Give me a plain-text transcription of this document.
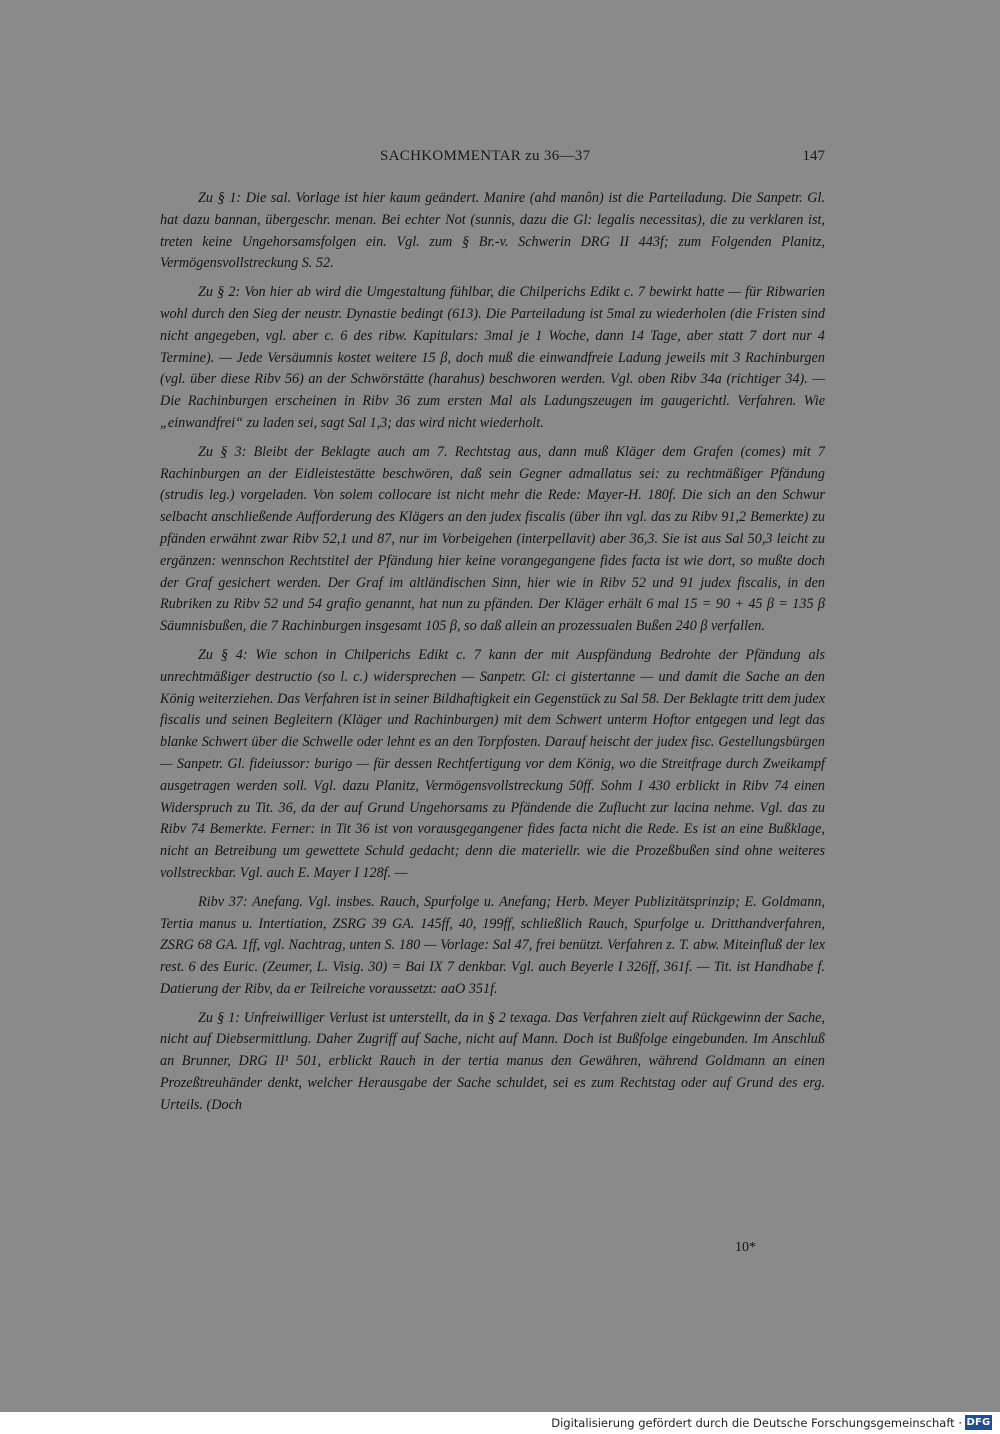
SACHKOMMENTAR zu 36—37	147

Zu § 1: Die sal. Vorlage ist hier kaum geändert. Manire (ahd manôn) ist die Parteiladung. Die Sanpetr. Gl. hat dazu bannan, übergeschr. menan. Bei echter Not (sunnis, dazu die Gl: legalis necessitas), die zu verklaren ist, treten keine Ungehorsamsfolgen ein. Vgl. zum § Br.-v. Schwerin DRG II 443f; zum Folgenden Planitz, Vermögensvollstreckung S. 52.

Zu § 2: Von hier ab wird die Umgestaltung fühlbar, die Chilperichs Edikt c. 7 bewirkt hatte — für Ribwarien wohl durch den Sieg der neustr. Dynastie bedingt (613). Die Parteiladung ist 5mal zu wiederholen (die Fristen sind nicht angegeben, vgl. aber c. 6 des ribw. Kapitulars: 3mal je 1 Woche, dann 14 Tage, aber statt 7 dort nur 4 Termine). — Jede Versäumnis kostet weitere 15 β, doch muß die einwandfreie Ladung jeweils mit 3 Rachinburgen (vgl. über diese Ribv 56) an der Schwörstätte (harahus) beschworen werden. Vgl. oben Ribv 34a (richtiger 34). — Die Rachinburgen erscheinen in Ribv 36 zum ersten Mal als Ladungszeugen im gaugerichtl. Verfahren. Wie „einwandfrei“ zu laden sei, sagt Sal 1,3; das wird nicht wiederholt.

Zu § 3: Bleibt der Beklagte auch am 7. Rechtstag aus, dann muß Kläger dem Grafen (comes) mit 7 Rachinburgen an der Eidleistestätte beschwören, daß sein Gegner admallatus sei: zu rechtmäßiger Pfändung (strudis leg.) vorgeladen. Von solem collocare ist nicht mehr die Rede: Mayer-H. 180f. Die sich an den Schwur selbacht anschließende Aufforderung des Klägers an den judex fiscalis (über ihn vgl. das zu Ribv 91,2 Bemerkte) zu pfänden erwähnt zwar Ribv 52,1 und 87, nur im Vorbeigehen (interpellavit) aber 36,3. Sie ist aus Sal 50,3 leicht zu ergänzen: wennschon Rechtstitel der Pfändung hier keine vorangegangene fides facta ist wie dort, so mußte doch der Graf gesichert werden. Der Graf im altländischen Sinn, hier wie in Ribv 52 und 91 judex fiscalis, in den Rubriken zu Ribv 52 und 54 grafio genannt, hat nun zu pfänden. Der Kläger erhält 6 mal 15 = 90 + 45 β = 135 β Säumnisbußen, die 7 Rachinburgen insgesamt 105 β, so daß allein an prozessualen Bußen 240 β verfallen.

Zu § 4: Wie schon in Chilperichs Edikt c. 7 kann der mit Auspfändung Bedrohte der Pfändung als unrechtmäßiger destructio (so l. c.) widersprechen — Sanpetr. Gl: ci gistertanne — und damit die Sache an den König weiterziehen. Das Verfahren ist in seiner Bildhaftigkeit ein Gegenstück zu Sal 58. Der Beklagte tritt dem judex fiscalis und seinen Begleitern (Kläger und Rachinburgen) mit dem Schwert unterm Hoftor entgegen und legt das blanke Schwert über die Schwelle oder lehnt es an den Torpfosten. Darauf heischt der judex fisc. Gestellungsbürgen — Sanpetr. Gl. fideiussor: burigo — für dessen Rechtfertigung vor dem König, wo die Streitfrage durch Zweikampf ausgetragen werden soll. Vgl. dazu Planitz, Vermögensvollstreckung 50ff. Sohm I 430 erblickt in Ribv 74 einen Widerspruch zu Tit. 36, da der auf Grund Ungehorsams zu Pfändende die Zuflucht zur lacina nehme. Vgl. das zu Ribv 74 Bemerkte. Ferner: in Tit 36 ist von vorausgegangener fides facta nicht die Rede. Es ist an eine Bußklage, nicht an Betreibung um gewettete Schuld gedacht; denn die materiellr. wie die Prozeßbußen sind ohne weiteres vollstreckbar. Vgl. auch E. Mayer I 128f. —

Ribv 37: Anefang. Vgl. insbes. Rauch, Spurfolge u. Anefang; Herb. Meyer Publizitätsprinzip; E. Goldmann, Tertia manus u. Intertiation, ZSRG 39 GA. 145ff, 40, 199ff, schließlich Rauch, Spurfolge u. Dritthandverfahren, ZSRG 68 GA. 1ff, vgl. Nachtrag, unten S. 180 — Vorlage: Sal 47, frei benützt. Verfahren z. T. abw. Miteinfluß der lex rest. 6 des Euric. (Zeumer, L. Visig. 30) = Bai IX 7 denkbar. Vgl. auch Beyerle I 326ff, 361f. — Tit. ist Handhabe f. Datierung der Ribv, da er Teilreiche voraussetzt: aaO 351f.

Zu § 1: Unfreiwilliger Verlust ist unterstellt, da in § 2 texaga. Das Verfahren zielt auf Rückgewinn der Sache, nicht auf Diebsermittlung. Daher Zugriff auf Sache, nicht auf Mann. Doch ist Bußfolge eingebunden. Im Anschluß an Brunner, DRG II¹ 501, erblickt Rauch in der tertia manus den Gewähren, während Goldmann an einen Prozeßtreuhänder denkt, welcher Herausgabe der Sache schuldet, sei es zum Rechtstag oder auf Grund des erg. Urteils. (Doch

10*
Digitalisierung gefördert durch die Deutsche Forschungsgemeinschaft · DFG
